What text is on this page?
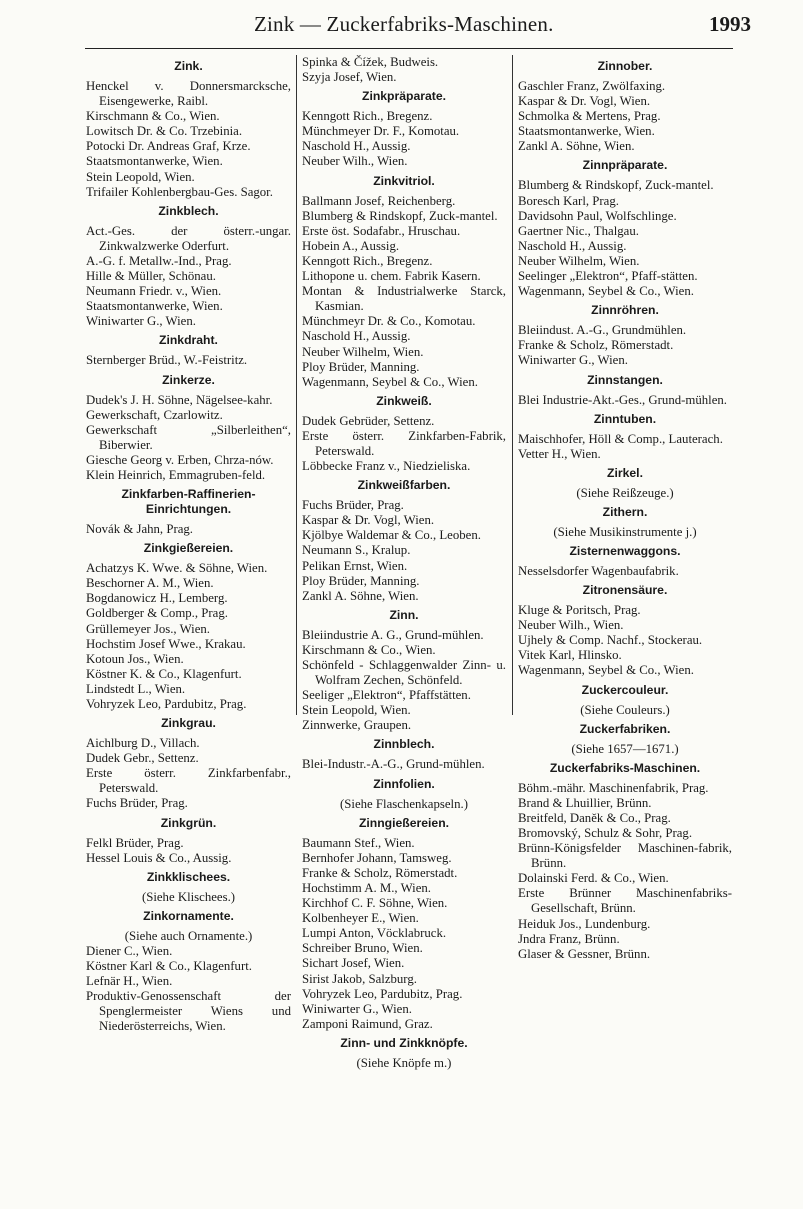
Zink — Zuckerfabriks-Maschinen.	1993
Zink.
Henckel v. Donnersmarcksche, Eisengewerke, Raibl.
Kirschmann & Co., Wien.
Lowitsch Dr. & Co. Trzebinia.
Potocki Dr. Andreas Graf, Krze.
Staatsmontanwerke, Wien.
Stein Leopold, Wien.
Trifailer Kohlenbergbau-Ges. Sagor.
Zinkblech.
Act.-Ges. der österr.-ungar. Zinkwalzwerke Oderfurt.
A.-G. f. Metallw.-Ind., Prag.
Hille & Müller, Schönau.
Neumann Friedr. v., Wien.
Staatsmontanwerke, Wien.
Winiwarter G., Wien.
Zinkdraht.
Sternberger Brüd., W.-Feistritz.
Zinkerze.
Dudek's J. H. Söhne, Nägelsee-kahr.
Gewerkschaft, Czarlowitz.
Gewerkschaft „Silberleithen“, Biberwier.
Giesche Georg v. Erben, Chrza-nów.
Klein Heinrich, Emmagruben-feld.
Zinkfarben-Raffinerien-Einrichtungen.
Novák & Jahn, Prag.
Zinkgießereien.
Achatzys K. Wwe. & Söhne, Wien.
Beschorner A. M., Wien.
Bogdanowicz H., Lemberg.
Goldberger & Comp., Prag.
Grüllemeyer Jos., Wien.
Hochstim Josef Wwe., Krakau.
Kotoun Jos., Wien.
Köstner K. & Co., Klagenfurt.
Lindstedt L., Wien.
Vohryzek Leo, Pardubitz, Prag.
Zinkgrau.
Aichlburg D., Villach.
Dudek Gebr., Settenz.
Erste österr. Zinkfarbenfabr., Peterswald.
Fuchs Brüder, Prag.
Zinkgrün.
Felkl Brüder, Prag.
Hessel Louis & Co., Aussig.
Zinkklischees.
(Siehe Klischees.)
Zinkornamente.
(Siehe auch Ornamente.)
Diener C., Wien.
Köstner Karl & Co., Klagenfurt.
Lefnär H., Wien.
Produktiv-Genossenschaft der Spenglermeister Wiens und Niederösterreichs, Wien.
Spinka & Čížek, Budweis.
Szyja Josef, Wien.
Zinkpräparate.
Kenngott Rich., Bregenz.
Münchmeyer Dr. F., Komotau.
Naschold H., Aussig.
Neuber Wilh., Wien.
Zinkvitriol.
Ballmann Josef, Reichenberg.
Blumberg & Rindskopf, Zuck-mantel.
Erste öst. Sodafabr., Hruschau.
Hobein A., Aussig.
Kenngott Rich., Bregenz.
Lithopone u. chem. Fabrik Kasern.
Montan & Industrialwerke Starck, Kasmian.
Münchmeyr Dr. & Co., Komotau.
Naschold H., Aussig.
Neuber Wilhelm, Wien.
Ploy Brüder, Manning.
Wagenmann, Seybel & Co., Wien.
Zinkweiß.
Dudek Gebrüder, Settenz.
Erste österr. Zinkfarben-Fabrik, Peterswald.
Löbbecke Franz v., Niedzieliska.
Zinkweißfarben.
Fuchs Brüder, Prag.
Kaspar & Dr. Vogl, Wien.
Kjölbye Waldemar & Co., Leoben.
Neumann S., Kralup.
Pelikan Ernst, Wien.
Ploy Brüder, Manning.
Zankl A. Söhne, Wien.
Zinn.
Bleiindustrie A. G., Grund-mühlen.
Kirschmann & Co., Wien.
Schönfeld - Schlaggenwalder Zinn- u. Wolfram Zechen, Schönfeld.
Seeliger „Elektron“, Pfaffstätten.
Stein Leopold, Wien.
Zinnwerke, Graupen.
Zinnblech.
Blei-Industr.-A.-G., Grund-mühlen.
Zinnfolien.
(Siehe Flaschenkapseln.)
Zinngießereien.
Baumann Stef., Wien.
Bernhofer Johann, Tamsweg.
Franke & Scholz, Römerstadt.
Hochstimm A. M., Wien.
Kirchhof C. F. Söhne, Wien.
Kolbenheyer E., Wien.
Lumpi Anton, Vöcklabruck.
Schreiber Bruno, Wien.
Sichart Josef, Wien.
Sirist Jakob, Salzburg.
Vohryzek Leo, Pardubitz, Prag.
Winiwarter G., Wien.
Zamponi Raimund, Graz.
Zinn- und Zinkknöpfe.
(Siehe Knöpfe m.)
Zinnober.
Gaschler Franz, Zwölfaxing.
Kaspar & Dr. Vogl, Wien.
Schmolka & Mertens, Prag.
Staatsmontanwerke, Wien.
Zankl A. Söhne, Wien.
Zinnpräparate.
Blumberg & Rindskopf, Zuck-mantel.
Boresch Karl, Prag.
Davidsohn Paul, Wolfschlinge.
Gaertner Nic., Thalgau.
Naschold H., Aussig.
Neuber Wilhelm, Wien.
Seelinger „Elektron“, Pfaff-stätten.
Wagenmann, Seybel & Co., Wien.
Zinnröhren.
Bleiindust. A.-G., Grundmühlen.
Franke & Scholz, Römerstadt.
Winiwarter G., Wien.
Zinnstangen.
Blei Industrie-Akt.-Ges., Grund-mühlen.
Zinntuben.
Maischhofer, Höll & Comp., Lauterach.
Vetter H., Wien.
Zirkel.
(Siehe Reißzeuge.)
Zithern.
(Siehe Musikinstrumente j.)
Zisternenwaggons.
Nesselsdorfer Wagenbaufabrik.
Zitronensäure.
Kluge & Poritsch, Prag.
Neuber Wilh., Wien.
Ujhely & Comp. Nachf., Stockerau.
Vitek Karl, Hlinsko.
Wagenmann, Seybel & Co., Wien.
Zuckercouleur.
(Siehe Couleurs.)
Zuckerfabriken.
(Siehe 1657—1671.)
Zuckerfabriks-Maschinen.
Böhm.-mähr. Maschinenfabrik, Prag.
Brand & Lhuillier, Brünn.
Breitfeld, Daněk & Co., Prag.
Bromovský, Schulz & Sohr, Prag.
Brünn-Königsfelder Maschinen-fabrik, Brünn.
Dolainski Ferd. & Co., Wien.
Erste Brünner Maschinenfabriks-Gesellschaft, Brünn.
Heiduk Jos., Lundenburg.
Jndra Franz, Brünn.
Glaser & Gessner, Brünn.
